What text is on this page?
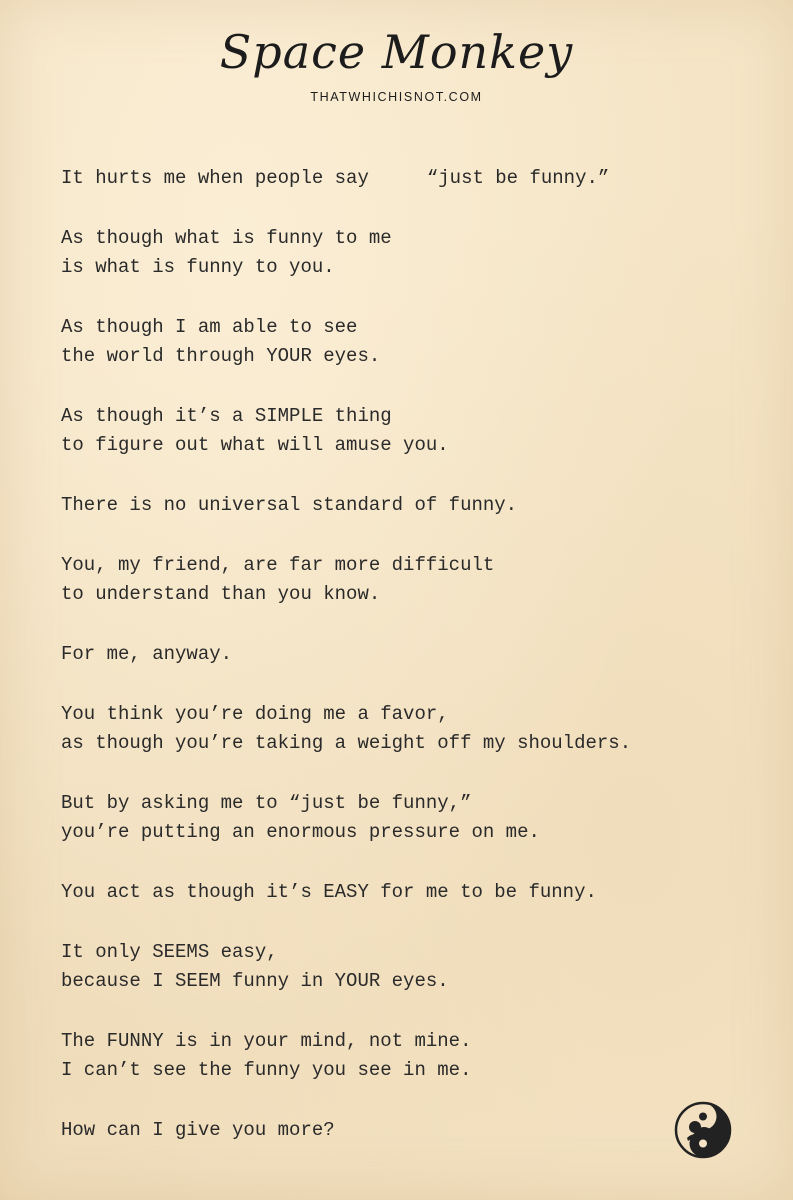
Space Monkey
THATWHICHISNOT.COM
It hurts me when people say	“just be funny.”
As though what is funny to me
is what is funny to you.
As though I am able to see
the world through YOUR eyes.
As though it’s a SIMPLE thing
to figure out what will amuse you.
There is no universal standard of funny.
You, my friend, are far more difficult
to understand than you know.
For me, anyway.
You think you’re doing me a favor,
as though you’re taking a weight off my shoulders.
But by asking me to “just be funny,”
you’re putting an enormous pressure on me.
You act as though it’s EASY for me to be funny.
It only SEEMS easy,
because I SEEM funny in YOUR eyes.
The FUNNY is in your mind, not mine.
I can’t see the funny you see in me.
How can I give you more?
